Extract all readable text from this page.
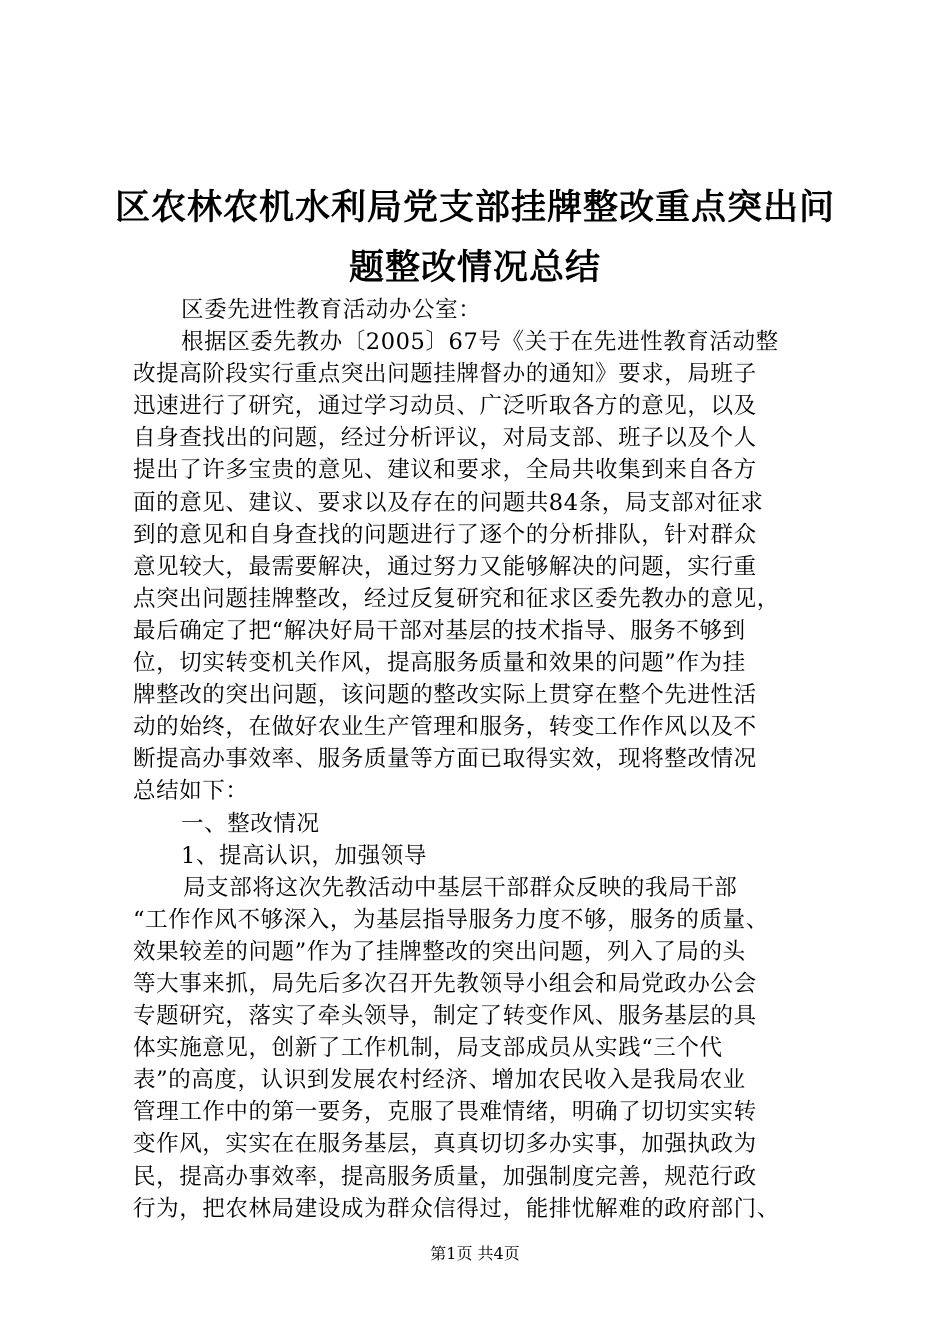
区农林农机水利局党支部挂牌整改重点突出问
题整改情况总结
区委先进性教育活动办公室：
根据区委先教办〔2005〕67号《关于在先进性教育活动整
改提高阶段实行重点突出问题挂牌督办的通知》要求，局班子
迅速进行了研究，通过学习动员、广泛听取各方的意见，以及
自身查找出的问题，经过分析评议，对局支部、班子以及个人
提出了许多宝贵的意见、建议和要求，全局共收集到来自各方
面的意见、建议、要求以及存在的问题共84条，局支部对征求
到的意见和自身查找的问题进行了逐个的分析排队，针对群众
意见较大，最需要解决，通过努力又能够解决的问题，实行重
点突出问题挂牌整改，经过反复研究和征求区委先教办的意见，
最后确定了把“解决好局干部对基层的技术指导、服务不够到
位，切实转变机关作风，提高服务质量和效果的问题”作为挂
牌整改的突出问题，该问题的整改实际上贯穿在整个先进性活
动的始终，在做好农业生产管理和服务，转变工作作风以及不
断提高办事效率、服务质量等方面已取得实效，现将整改情况
总结如下：
一、整改情况
1、提高认识，加强领导
局支部将这次先教活动中基层干部群众反映的我局干部
“工作作风不够深入，为基层指导服务力度不够，服务的质量、
效果较差的问题”作为了挂牌整改的突出问题，列入了局的头
等大事来抓，局先后多次召开先教领导小组会和局党政办公会
专题研究，落实了牵头领导，制定了转变作风、服务基层的具
体实施意见，创新了工作机制，局支部成员从实践“三个代
表”的高度，认识到发展农村经济、增加农民收入是我局农业
管理工作中的第一要务，克服了畏难情绪，明确了切切实实转
变作风，实实在在服务基层，真真切切多办实事，加强执政为
民，提高办事效率，提高服务质量，加强制度完善，规范行政
行为，把农林局建设成为群众信得过，能排忧解难的政府部门、
第1页 共4页
